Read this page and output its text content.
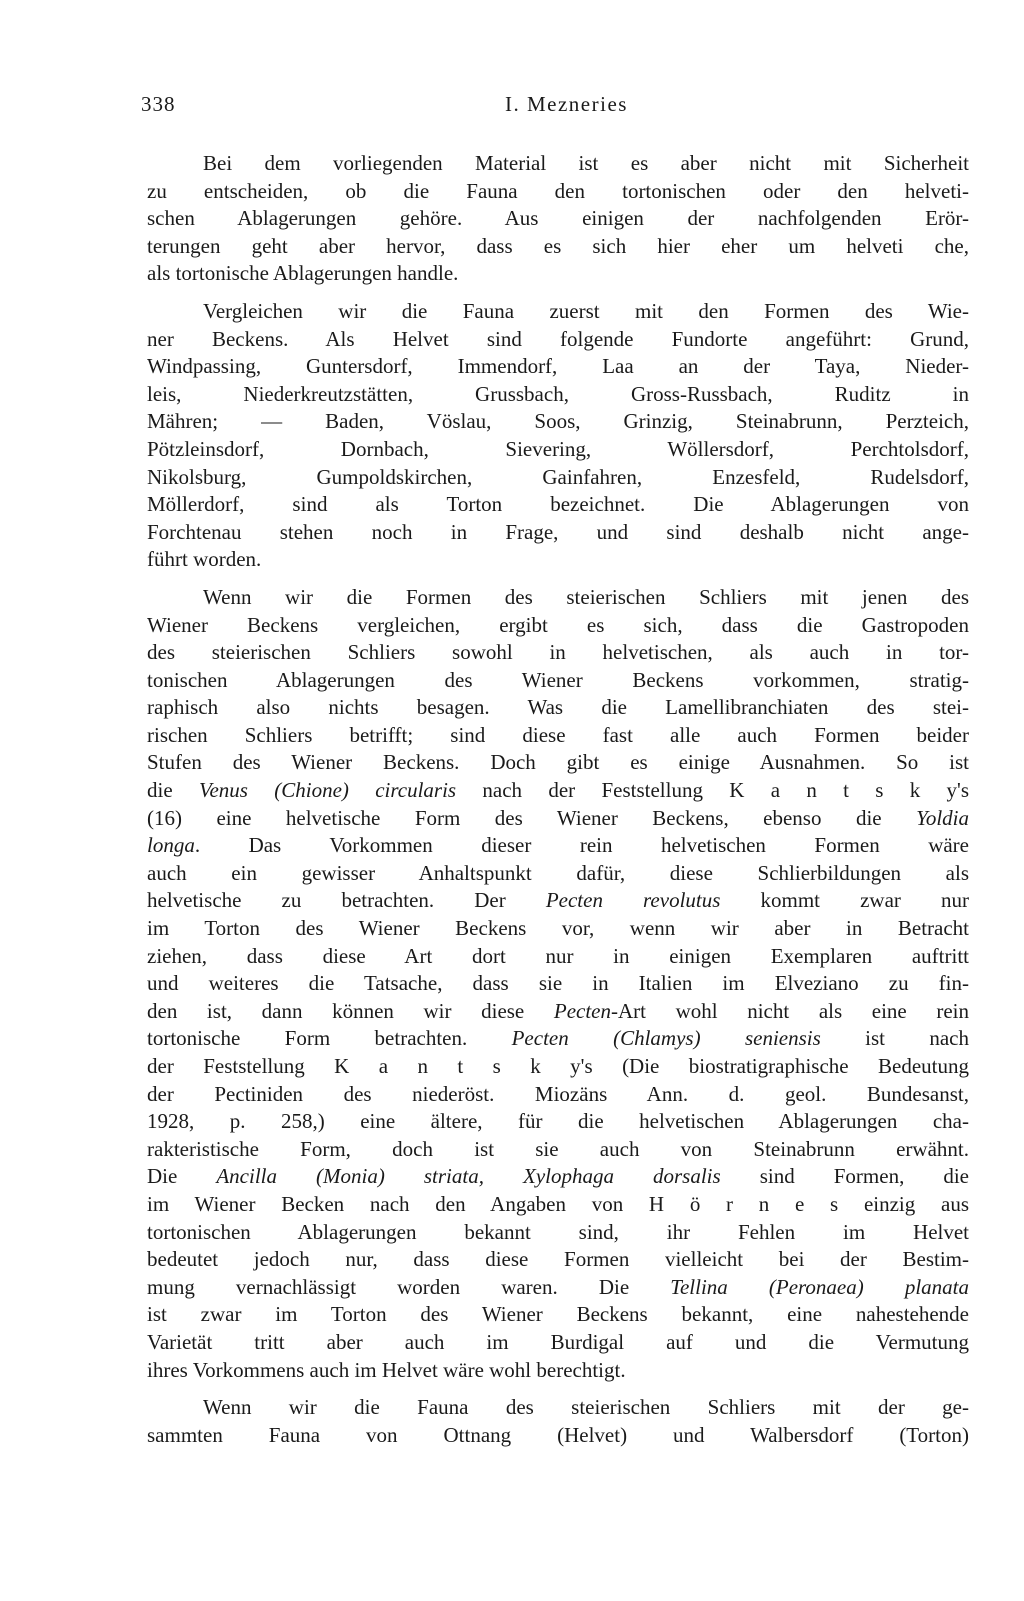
338	I. Mezneries
Bei dem vorliegenden Material ist es aber nicht mit Sicherheit
zu entscheiden, ob die Fauna den tortonischen oder den helveti-
schen Ablagerungen gehöre. Aus einigen der nachfolgenden Erör-
terungen geht aber hervor, dass es sich hier eher um helveti che,
als tortonische Ablagerungen handle.
Vergleichen wir die Fauna zuerst mit den Formen des Wie-
ner Beckens. Als Helvet sind folgende Fundorte angeführt: Grund,
Windpassing, Guntersdorf, Immendorf, Laa an der Taya, Nieder-
leis, Niederkreutzstätten, Grussbach, Gross-Russbach, Ruditz in
Mähren; — Baden, Vöslau, Soos, Grinzig, Steinabrunn, Perzteich,
Pötzleinsdorf, Dornbach, Sievering, Wöllersdorf, Perchtolsdorf,
Nikolsburg, Gumpoldskirchen, Gainfahren, Enzesfeld, Rudelsdorf,
Möllerdorf, sind als Torton bezeichnet. Die Ablagerungen von
Forchtenau stehen noch in Frage, und sind deshalb nicht ange-
führt worden.
Wenn wir die Formen des steierischen Schliers mit jenen des
Wiener Beckens vergleichen, ergibt es sich, dass die Gastropoden
des steierischen Schliers sowohl in helvetischen, als auch in tor-
tonischen Ablagerungen des Wiener Beckens vorkommen, stratig-
raphisch also nichts besagen. Was die Lamellibranchiaten des stei-
rischen Schliers betrifft; sind diese fast alle auch Formen beider
Stufen des Wiener Beckens. Doch gibt es einige Ausnahmen. So ist
die Venus (Chione) circularis nach der Feststellung K a n t s k y's
(16) eine helvetische Form des Wiener Beckens, ebenso die Yoldia
longa. Das Vorkommen dieser rein helvetischen Formen wäre
auch ein gewisser Anhaltspunkt dafür, diese Schlierbildungen als
helvetische zu betrachten. Der Pecten revolutus kommt zwar nur
im Torton des Wiener Beckens vor, wenn wir aber in Betracht
ziehen, dass diese Art dort nur in einigen Exemplaren auftritt
und weiteres die Tatsache, dass sie in Italien im Elveziano zu fin-
den ist, dann können wir diese Pecten-Art wohl nicht als eine rein
tortonische Form betrachten. Pecten (Chlamys) seniensis ist nach
der Feststellung K a n t s k y's (Die biostratigraphische Bedeutung
der Pectiniden des niederöst. Miozäns Ann. d. geol. Bundesanst,
1928, p. 258,) eine ältere, für die helvetischen Ablagerungen cha-
rakteristische Form, doch ist sie auch von Steinabrunn erwähnt.
Die Ancilla (Monia) striata, Xylophaga dorsalis sind Formen, die
im Wiener Becken nach den Angaben von H ö r n e s einzig aus
tortonischen Ablagerungen bekannt sind, ihr Fehlen im Helvet
bedeutet jedoch nur, dass diese Formen vielleicht bei der Bestim-
mung vernachlässigt worden waren. Die Tellina (Peronaea) planata
ist zwar im Torton des Wiener Beckens bekannt, eine nahestehende
Varietät tritt aber auch im Burdigal auf und die Vermutung
ihres Vorkommens auch im Helvet wäre wohl berechtigt.
Wenn wir die Fauna des steierischen Schliers mit der ge-
sammten Fauna von Ottnang (Helvet) und Walbersdorf (Torton)
